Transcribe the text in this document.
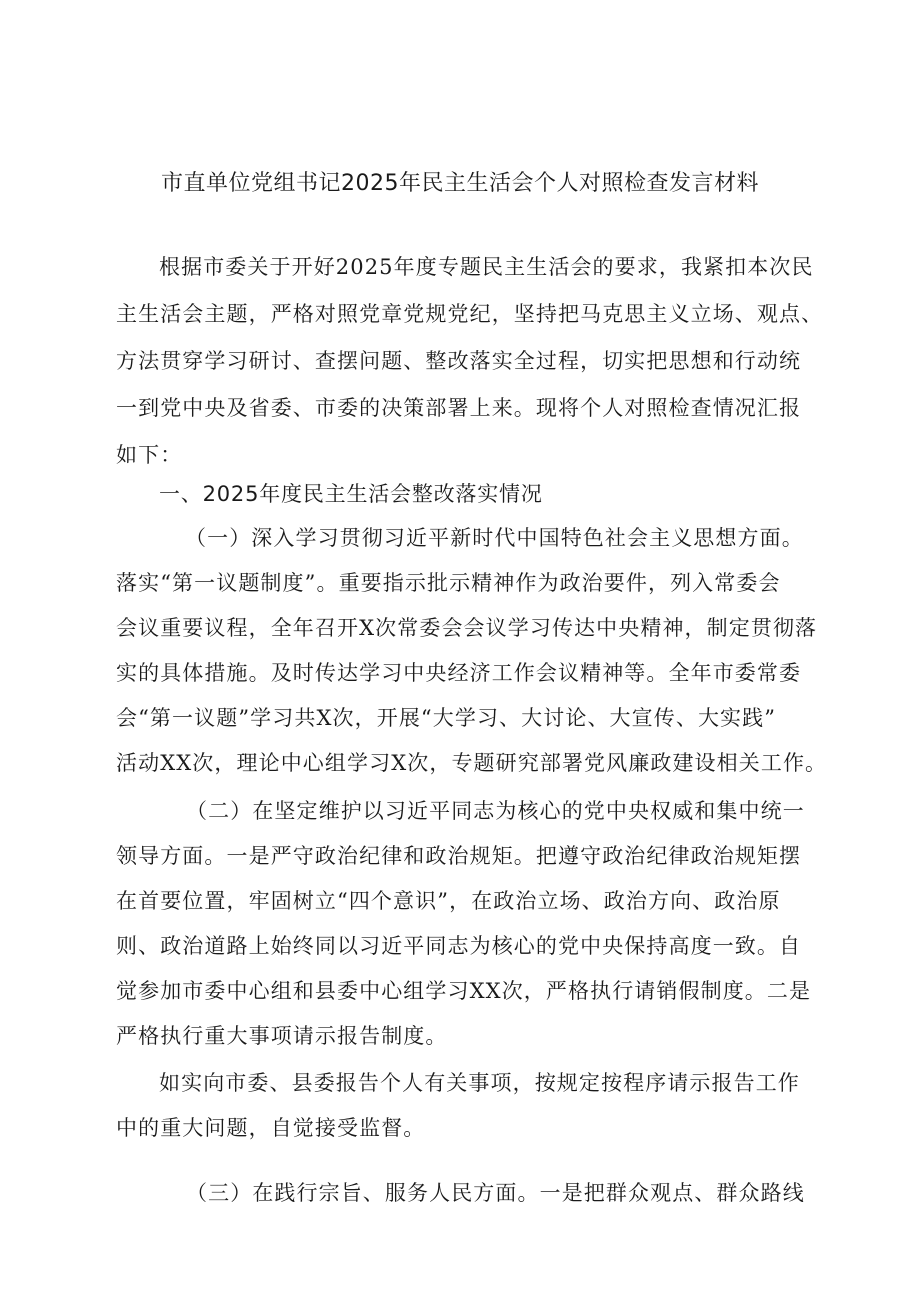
市直单位党组书记2025年民主生活会个人对照检查发言材料
根据市委关于开好2025年度专题民主生活会的要求，我紧扣本次民
主生活会主题，严格对照党章党规党纪，坚持把马克思主义立场、观点、
方法贯穿学习研讨、查摆问题、整改落实全过程，切实把思想和行动统
一到党中央及省委、市委的决策部署上来。现将个人对照检查情况汇报
如下：
一、2025年度民主生活会整改落实情况
（一）深入学习贯彻习近平新时代中国特色社会主义思想方面。
落实“第一议题制度”。重要指示批示精神作为政治要件，列入常委会
会议重要议程，全年召开X次常委会会议学习传达中央精神，制定贯彻落
实的具体措施。及时传达学习中央经济工作会议精神等。全年市委常委
会“第一议题”学习共X次，开展“大学习、大讨论、大宣传、大实践”
活动XX次，理论中心组学习X次，专题研究部署党风廉政建设相关工作。
（二）在坚定维护以习近平同志为核心的党中央权威和集中统一
领导方面。一是严守政治纪律和政治规矩。把遵守政治纪律政治规矩摆
在首要位置，牢固树立“四个意识”，在政治立场、政治方向、政治原
则、政治道路上始终同以习近平同志为核心的党中央保持高度一致。自
觉参加市委中心组和县委中心组学习XX次，严格执行请销假制度。二是
严格执行重大事项请示报告制度。
如实向市委、县委报告个人有关事项，按规定按程序请示报告工作
中的重大问题，自觉接受监督。
（三）在践行宗旨、服务人民方面。一是把群众观点、群众路线
